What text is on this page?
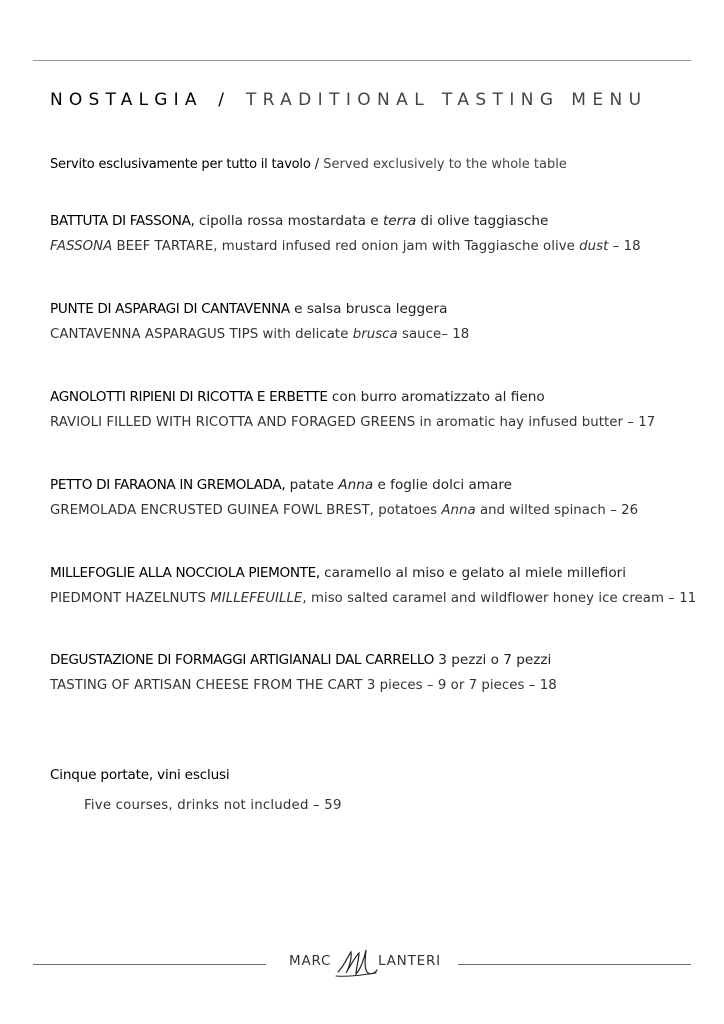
NOSTALGIA / TRADITIONAL TASTING MENU
Servito esclusivamente per tutto il tavolo / Served exclusively to the whole table
BATTUTA DI FASSONA, cipolla rossa mostardata e terra di olive taggiasche
FASSONA BEEF TARTARE, mustard infused red onion jam with Taggiasche olive dust – 18
PUNTE DI ASPARAGI DI CANTAVENNA e salsa brusca leggera
CANTAVENNA ASPARAGUS TIPS with delicate brusca sauce– 18
AGNOLOTTI RIPIENI DI RICOTTA E ERBETTE con burro aromatizzato al fieno
RAVIOLI FILLED WITH RICOTTA AND FORAGED GREENS in aromatic hay infused butter – 17
PETTO DI FARAONA IN GREMOLADA, patate Anna e foglie dolci amare
GREMOLADA ENCRUSTED GUINEA FOWL BREST, potatoes Anna and wilted spinach – 26
MILLEFOGLIE ALLA NOCCIOLA PIEMONTE, caramello al miso e gelato al miele millefiori
PIEDMONT HAZELNUTS MILLEFEUILLE, miso salted caramel and wildflower honey ice cream – 11
DEGUSTAZIONE DI FORMAGGI ARTIGIANALI DAL CARRELLO 3 pezzi o 7 pezzi
TASTING OF ARTISAN CHEESE FROM THE CART 3 pieces – 9 or 7 pieces – 18
Cinque portate, vini esclusi
Five courses, drinks not included – 59
MARC	LANTERI
